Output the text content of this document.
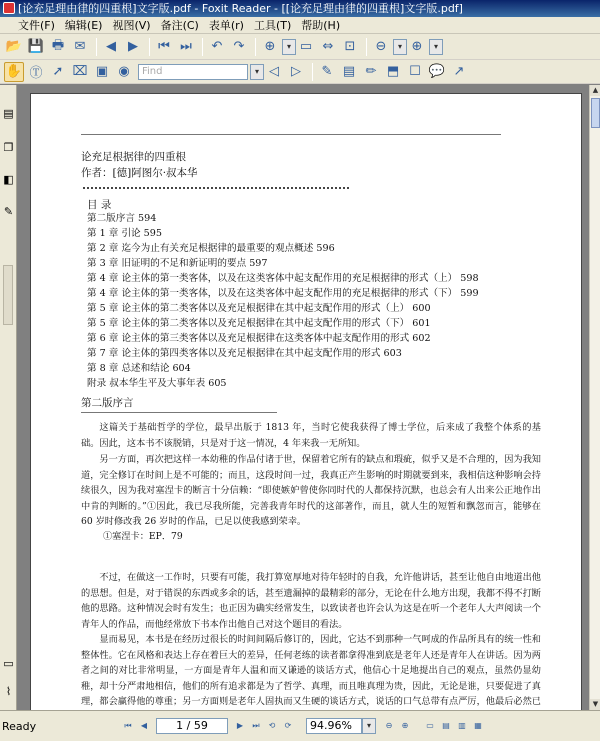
[论充足理由律的四重根]文字版.pdf - Foxit Reader - [[论充足理由律的四重根]文字版.pdf]
文件(F) 编辑(E) 视图(V) 备注(C) 表单(r) 工具(T) 帮助(H)
📂 💾 🖶 ✉	◀ ▶	⏮ ⏭	↶ ↷	⊕	▾ ▭ ⇔ ⊡	⊖	▾ ⊕	▾
✋ Ⓣ ➚ ⌧ ▣ ◉	Find	▾ ◁ ▷	✎ ▤ ✏ ⬒ ☐ 💬 ↗
▤
❐
◧
✎
▭
⌇
论充足根据律的四重根
作者：[德]阿图尔·叔本华
目 录
第二版序言 594
第 1 章 引论 595
第 2 章 迄今为止有关充足根据律的最重要的观点概述 596
第 3 章 旧证明的不足和新证明的要点 597
第 4 章 论主体的第一类客体，以及在这类客体中起支配作用的充足根据律的形式（上） 598
第 4 章 论主体的第一类客体，以及在这类客体中起支配作用的充足根据律的形式（下） 599
第 5 章 论主体的第二类客体以及充足根据律在其中起支配作用的形式（上） 600
第 5 章 论主体的第二类客体以及充足根据律在其中起支配作用的形式（下） 601
第 6 章 论主体的第三类客体以及充足根据律在这类客体中起支配作用的形式 602
第 7 章 论主体的第四类客体以及充足根据律在其中起支配作用的形式 603
第 8 章 总述和结论 604
附录 叔本华生平及大事年表 605
第二版序言
这篇关于基础哲学的学位，最早出版于 1813 年，当时它使我获得了博士学位，后来成了我整个体系的基础。因此，这本书不该脱销，只是对于这一情况，4 年来我一无所知。
另一方面，再次把这样一本幼稚的作品付诸于世，保留着它所有的缺点和瑕疵，似乎又是不合理的，因为我知道，完全修订在时间上是不可能的；而且，这段时间一过，我真正产生影响的时期就要到来，我相信这种影响会持续很久，因为我对塞涅卡的断言十分信赖：“即使嫉妒曾使你同时代的人都保持沉默，也总会有人出来公正地作出中肯的判断的。”①因此，我已尽我所能，完善我青年时代的这部著作，而且，就人生的短暂和飘忽而言，能够在 60 岁时修改我 26 岁时的作品，已足以使我感到荣幸。
①塞涅卡：EP．79
不过，在做这一工作时，只要有可能，我打算宽厚地对待年轻时的自我，允许他讲话，甚至让他自由地道出他的思想。但是，对于错误的东西或多余的话，甚至遗漏掉的最精彩的部分，无论在什么地方出现，我都不得不打断他的思路。这种情况会时有发生；也正因为确实经常发生，以致读者也许会认为这是在听一个老年人大声阅读一个青年人的作品，而他经常放下书本作出他自己对这个题目的看法。
显而易见，本书是在经历过很长的时间间隔后修订的，因此，它达不到那种一气呵成的作品所具有的统一性和整体性。它在风格和表达上存在着巨大的差异，任何老练的读者都拿得准到底是老年人还是青年人在讲话。因为两者之间的对比非常明显，一方面是青年人温和而又谦逊的谈话方式，他信心十足地提出自己的观点，虽然仍显幼稚，却十分严肃地相信，他们的所有追求都是为了哲学、真理，而且唯真理为贵，因此，无论是谁，只要促进了真理，都会赢得他的尊重；另一方面则是老年人固执而又生硬的谈话方式，说话的口气总带有点严厉，他最后必然已
▲
▼
Ready	⏮	◀	1 / 59	▶	⏭	⟲	⟳	94.96%	▾	⊖	⊕	▭	▤	▥	▦
